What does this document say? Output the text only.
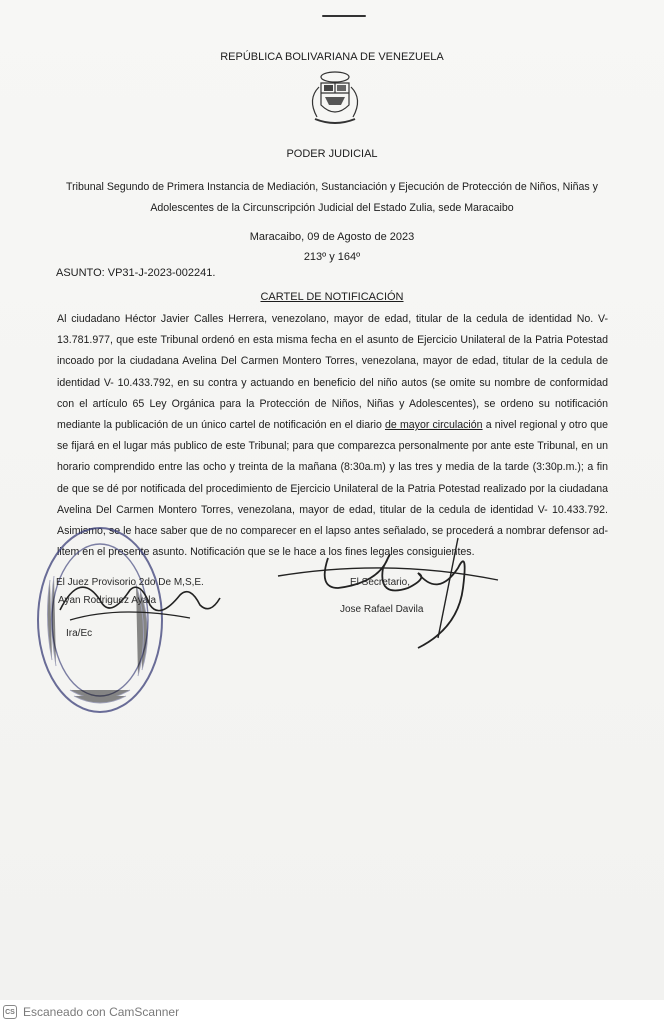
REPÚBLICA BOLIVARIANA DE VENEZUELA
PODER JUDICIAL
Tribunal Segundo de Primera Instancia de Mediación, Sustanciación y Ejecución de Protección de Niños, Niñas y
Adolescentes de la Circunscripción Judicial del Estado Zulia, sede Maracaibo
Maracaibo, 09 de Agosto de 2023
213º y 164º
ASUNTO: VP31-J-2023-002241.
CARTEL DE NOTIFICACIÓN
Al ciudadano Héctor Javier Calles Herrera, venezolano, mayor de edad, titular de la cedula de identidad No. V- 13.781.977, que este Tribunal ordenó en esta misma fecha en el asunto de Ejercicio Unilateral de la Patria Potestad incoado por la ciudadana Avelina Del Carmen Montero Torres, venezolana, mayor de edad, titular de la cedula de identidad V- 10.433.792, en su contra y actuando en beneficio del niño autos (se omite su nombre de conformidad con el artículo 65 Ley Orgánica para la Protección de Niños, Niñas y Adolescentes), se ordeno su notificación mediante la publicación de un único cartel de notificación en el diario de mayor circulación a nivel regional y otro que se fijará en el lugar más publico de este Tribunal; para que comparezca personalmente por ante este Tribunal, en un horario comprendido entre las ocho y treinta de la mañana (8:30a.m) y las tres y media de la tarde (3:30p.m.); a fin de que se dé por notificada del procedimiento de Ejercicio Unilateral de la Patria Potestad realizado por la ciudadana Avelina Del Carmen Montero Torres, venezolana, mayor de edad, titular de la cedula de identidad V- 10.433.792. Asimismo, se le hace saber que de no comparecer en el lapso antes señalado, se procederá a nombrar defensor ad-litem en el presente asunto. Notificación que se le hace a los fines legales consiguientes.
El Juez Provisorio 2do De M,S,E.
Ayan Rodriguez Ayala
Ira/Ec
El Secretario,
Jose Rafael Davila
CS Escaneado con CamScanner
